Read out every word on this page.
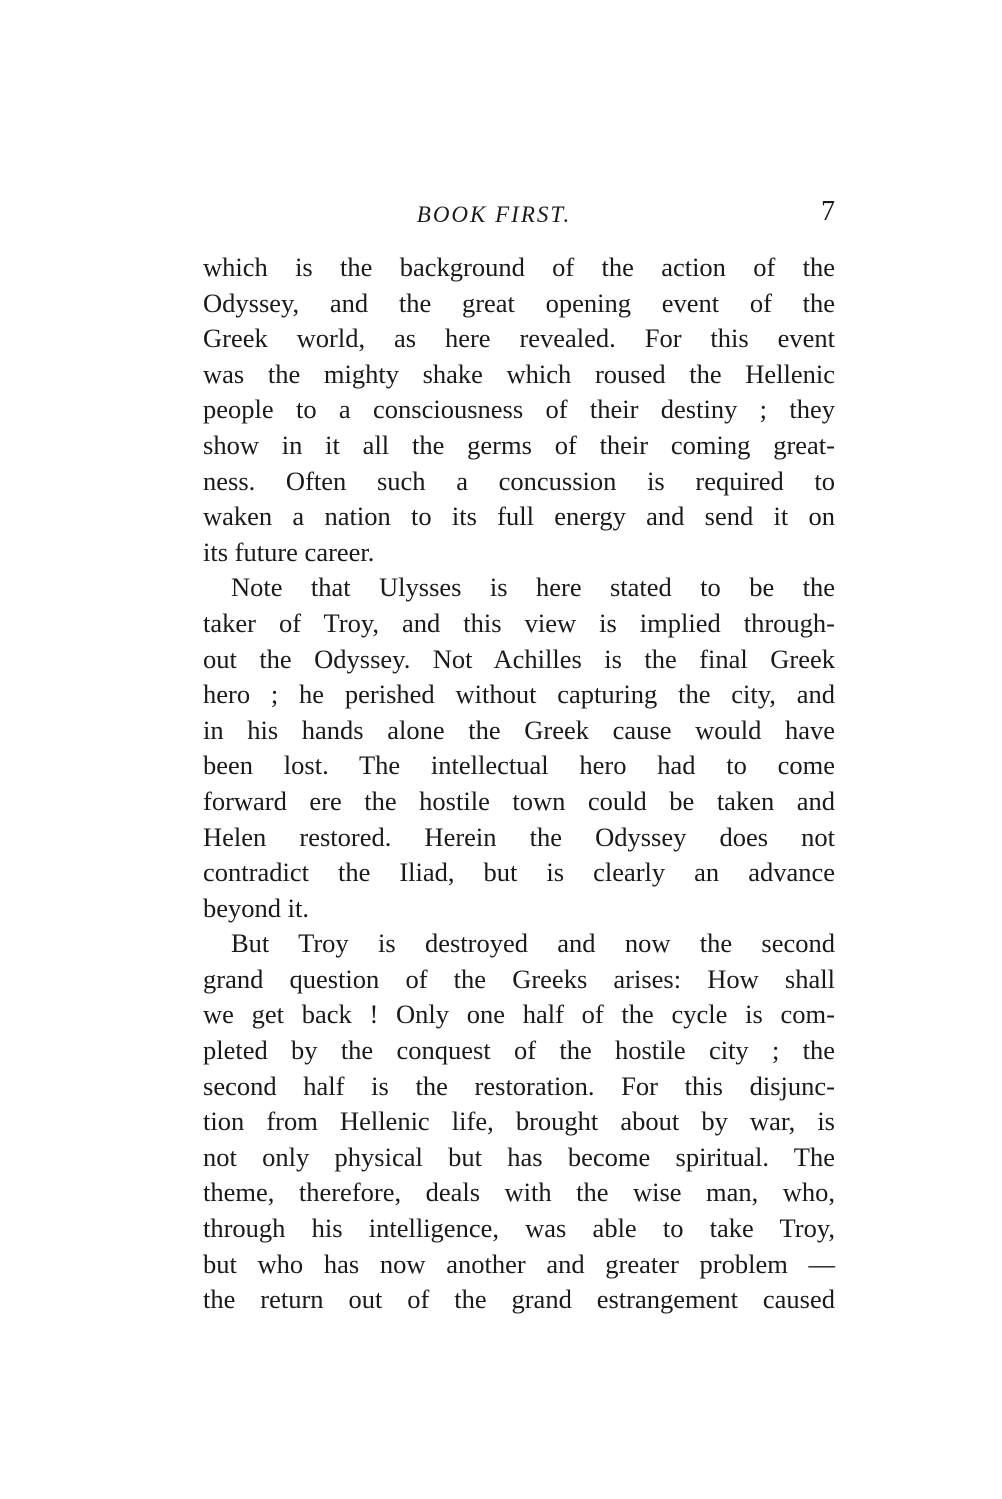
BOOK FIRST.	7
which is the background of the action of the
Odyssey, and the great opening event of the
Greek world, as here revealed. For this event
was the mighty shake which roused the Hellenic
people to a consciousness of their destiny ; they
show in it all the germs of their coming great-
ness. Often such a concussion is required to
waken a nation to its full energy and send it on
its future career.
Note that Ulysses is here stated to be the
taker of Troy, and this view is implied through-
out the Odyssey. Not Achilles is the final Greek
hero ; he perished without capturing the city, and
in his hands alone the Greek cause would have
been lost. The intellectual hero had to come
forward ere the hostile town could be taken and
Helen restored. Herein the Odyssey does not
contradict the Iliad, but is clearly an advance
beyond it.
But Troy is destroyed and now the second
grand question of the Greeks arises: How shall
we get back ! Only one half of the cycle is com-
pleted by the conquest of the hostile city ; the
second half is the restoration. For this disjunc-
tion from Hellenic life, brought about by war, is
not only physical but has become spiritual. The
theme, therefore, deals with the wise man, who,
through his intelligence, was able to take Troy,
but who has now another and greater problem —
the return out of the grand estrangement caused
